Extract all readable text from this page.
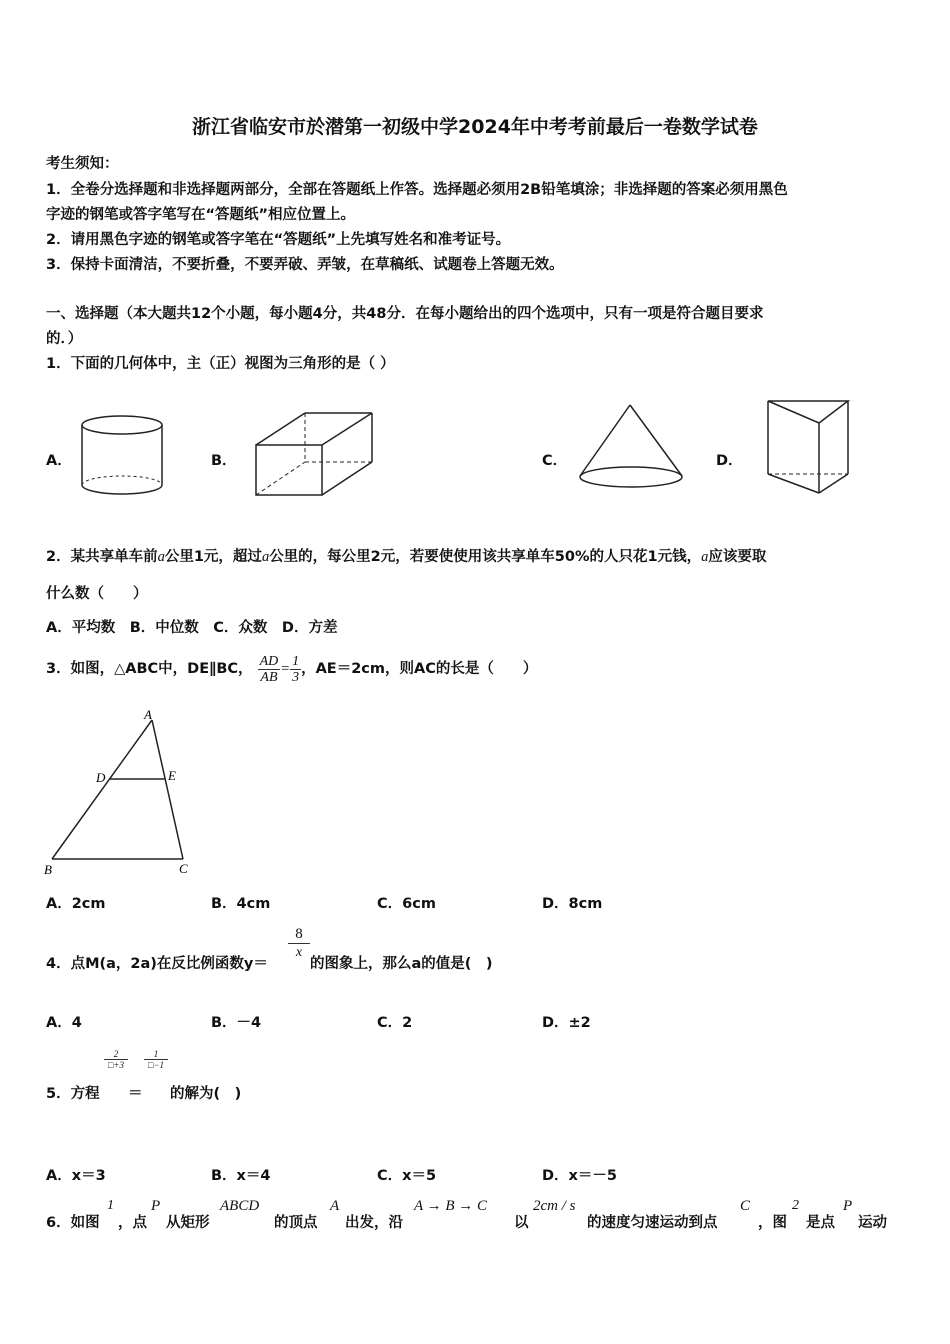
浙江省临安市於潜第一初级中学2024年中考考前最后一卷数学试卷
考生须知：
1．全卷分选择题和非选择题两部分，全部在答题纸上作答。选择题必须用2B铅笔填涂；非选择题的答案必须用黑色
字迹的钢笔或答字笔写在“答题纸”相应位置上。
2．请用黑色字迹的钢笔或答字笔在“答题纸”上先填写姓名和准考证号。
3．保持卡面清洁，不要折叠，不要弄破、弄皱，在草稿纸、试题卷上答题无效。
一、选择题（本大题共12个小题，每小题4分，共48分．在每小题给出的四个选项中，只有一项是符合题目要求
的．）
1．下面的几何体中，主（正）视图为三角形的是（ ）
A．	B．	C．	D．
2．某共享单车前a公里1元，超过a公里的，每公里2元，若要使使用该共享单车50%的人只花1元钱，a应该要取
什么数（　　）
A．平均数　B．中位数　C．众数　D．方差
3．如图，△ABC中，DE∥BC， $\frac{AD}{AB} = \frac{1}{3}$ ，AE＝2cm，则AC的长是（　　）
A
D	E
B	C
A．2cm	B．4cm	C．6cm	D．8cm
4．点M(a，2a)在反比例函数y＝
$\frac{8}{x}$
的图象上，那么a的值是(　)
A．4	B．－4	C．2	D．±2
5．方程
$\frac{2}{□+3}$
＝
$\frac{1}{□-1}$
的解为(　)
A．x＝3	B．x＝4	C．x＝5	D．x＝－5
6．如图
1
，点
P
从矩形
ABCD
的顶点
A
出发，沿
A → B → C
以
2cm / s
的速度匀速运动到点
C
，图
2
是点
P
运动
